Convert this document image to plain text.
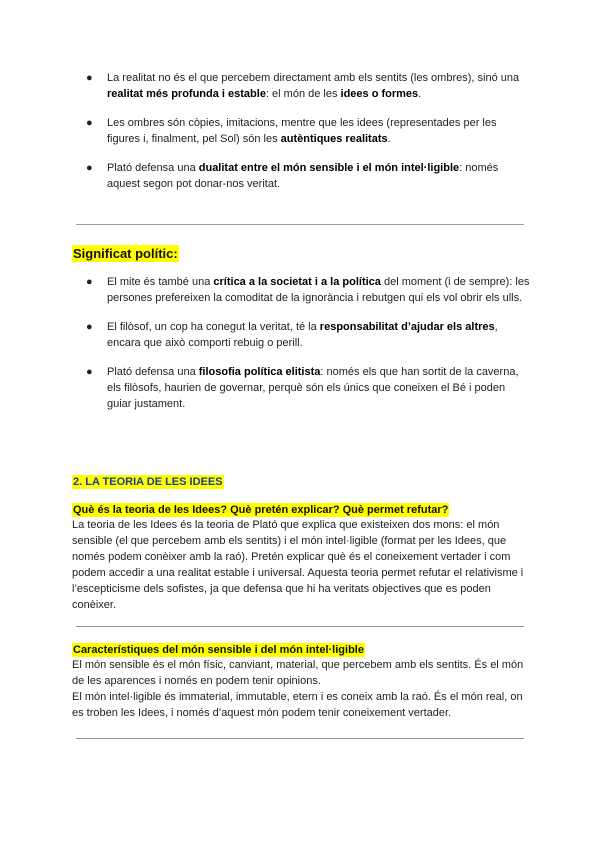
● La realitat no és el que percebem directament amb els sentits (les ombres), sinó una realitat més profunda i estable: el món de les idees o formes.
● Les ombres són còpies, imitacions, mentre que les idees (representades per les figures i, finalment, pel Sol) són les autèntiques realitats.
● Plató defensa una dualitat entre el món sensible i el món intel·ligible: només aquest segon pot donar-nos veritat.
Significat polític:
● El mite és també una crítica a la societat i a la política del moment (i de sempre): les persones prefereixen la comoditat de la ignorància i rebutgen qui els vol obrir els ulls.
● El filòsof, un cop ha conegut la veritat, té la responsabilitat d’ajudar els altres, encara que això comporti rebuig o perill.
● Plató defensa una filosofia política elitista: només els que han sortit de la caverna, els filòsofs, haurien de governar, perquè són els únics que coneixen el Bé i poden guiar justament.
2. LA TEORIA DE LES IDEES
Què és la teoria de les Idees? Què pretén explicar? Què permet refutar?

La teoria de les Idees és la teoria de Plató que explica que existeixen dos mons: el món sensible (el que percebem amb els sentits) i el món intel·ligible (format per les Idees, que només podem conèixer amb la raó). Pretén explicar què és el coneixement vertader i com podem accedir a una realitat estable i universal. Aquesta teoria permet refutar el relativisme i l’escepticisme dels sofistes, ja que defensa que hi ha veritats objectives que es poden conèixer.

Característiques del món sensible i del món intel·ligible

El món sensible és el món físic, canviant, material, que percebem amb els sentits. És el món de les aparences i només en podem tenir opinions.
El món intel·ligible és immaterial, immutable, etern i es coneix amb la raó. És el món real, on es troben les Idees, i només d’aquest món podem tenir coneixement vertader.
